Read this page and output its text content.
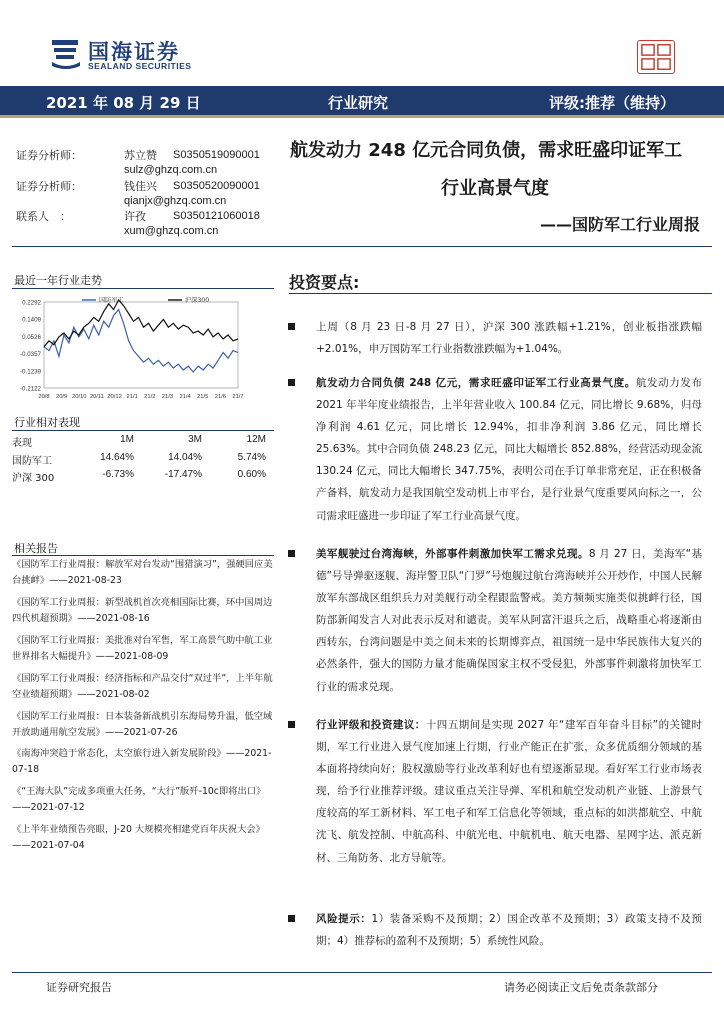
国海证券
SEALAND SECURITIES
2021 年 08 月 29 日	行业研究	评级:推荐（维持）
证券分析师：	苏立赞 S0350519090001
sulz@ghzq.com.cn
证券分析师：	钱佳兴 S0350520090001
qianjx@ghzq.com.cn
联系人　：	许孜 S0350121060018
xum@ghzq.com.cn
航发动力 248 亿元合同负债，需求旺盛印证军工
行业高景气度
——国防军工行业周报
最近一年行业走势
0.2292
0.1409
0.0526
-0.0357
-0.1239
-0.2122
20/8 20/9 20/10 20/11 20/12 21/1 21/2 21/3 21/4 21/5 21/6 21/7
国防军工	沪深300
行业相对表现
表现	1M	3M	12M
国防军工	14.64%	14.04%	5.74%
沪深 300	-6.73%	-17.47%	0.60%
相关报告

《国防军工行业周报：解放军对台发动“围猎演习”，强硬回应美台挑衅》——2021-08-23

《国防军工行业周报：新型战机首次亮相国际比赛，环中国周边四代机超预期》——2021-08-16

《国防军工行业周报：美批准对台军售，军工高景气助中航工业世界排名大幅提升》——2021-08-09

《国防军工行业周报：经济指标和产品交付“双过半”，上半年航空业绩超预期》——2021-08-02

《国防军工行业周报：日本装备新战机引东海局势升温，低空域开放助通用航空发展》——2021-07-26

《南海冲突趋于常态化，太空旅行进入新发展阶段》——2021-07-18

《“王海大队”完成多项重大任务，“大行”版歼-10c即将出口》——2021-07-12

《上半年业绩预告亮眼，J-20 大规模亮相建党百年庆祝大会》——2021-07-04

投资要点:
上周（8 月 23 日-8 月 27 日），沪深 300 涨跌幅+1.21%，创业板指涨跌幅+2.01%，申万国防军工行业指数涨跌幅为+1.04%。
航发动力合同负债 248 亿元，需求旺盛印证军工行业高景气度。航发动力发布 2021 年半年度业绩报告，上半年营业收入 100.84 亿元，同比增长 9.68%，归母净利润 4.61 亿元，同比增长 12.94%，扣非净利润 3.86 亿元，同比增长 25.63%。其中合同负债 248.23 亿元，同比大幅增长 852.88%，经营活动现金流 130.24 亿元，同比大幅增长 347.75%，表明公司在手订单非常充足，正在积极备产备料，航发动力是我国航空发动机上市平台，是行业景气度重要风向标之一，公司需求旺盛进一步印证了军工行业高景气度。
美军舰驶过台湾海峡，外部事件刺激加快军工需求兑现。8 月 27 日，美海军“基德”号导弹驱逐舰、海岸警卫队“门罗”号炮舰过航台湾海峡并公开炒作，中国人民解放军东部战区组织兵力对美舰行动全程跟监警戒。美方频频实施类似挑衅行径，国防部新闻发言人对此表示反对和谴责。美军从阿富汗退兵之后，战略重心将逐渐由西转东，台湾问题是中美之间未来的长期博弈点，祖国统一是中华民族伟大复兴的必然条件，强大的国防力量才能确保国家主权不受侵犯，外部事件刺激将加快军工行业的需求兑现。
行业评级和投资建议：十四五期间是实现 2027 年“建军百年奋斗目标”的关键时期，军工行业进入景气度加速上行期，行业产能正在扩张，众多优质细分领域的基本面将持续向好；股权激励等行业改革利好也有望逐渐显现。看好军工行业市场表现，给予行业推荐评级。建议重点关注导弹、军机和航空发动机产业链、上游景气度较高的军工新材料、军工电子和军工信息化等领域，重点标的如洪都航空、中航沈飞、航发控制、中航高科、中航光电、中航机电、航天电器、星网宇达、派克新材、三角防务、北方导航等。
风险提示：1）装备采购不及预期；2）国企改革不及预期；3）政策支持不及预期；4）推荐标的盈利不及预期；5）系统性风险。
证券研究报告	请务必阅读正文后免责条款部分
